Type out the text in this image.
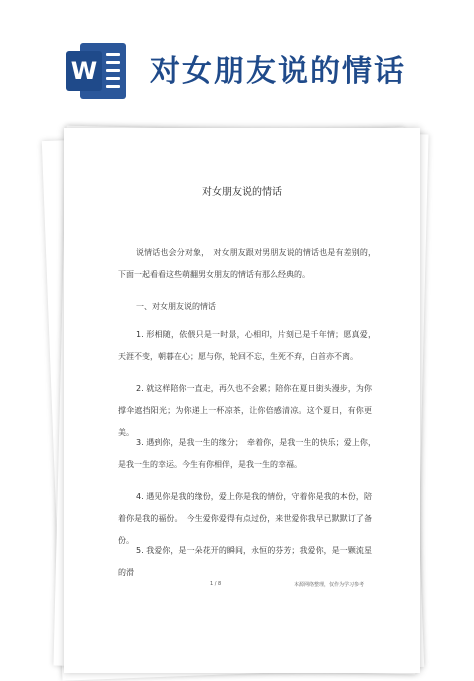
W 对女朋友说的情话
对女朋友说的情话

说情话也会分对象，　对女朋友跟对男朋友说的情话也是有差别的，　下面一起看看这些萌翻男女朋友的情话有那么经典的。

一、对女朋友说的情话

1. 形相随，依偎只是一时景，心相印，片刻已是千年情；愿真爱，　天涯不变，朝暮在心；愿与你，轮回不忘，生死不弃，白首亦不离。

2. 就这样陪你一直走，再久也不会累；陪你在夏日街头漫步，为你撑伞遮挡阳光；为你递上一杯凉茶，让你倍感清凉。这个夏日，有你更美。

3. 遇到你，是我一生的缘分；　牵着你，是我一生的快乐；爱上你，　是我一生的幸运。今生有你相伴，是我一生的幸福。

4. 遇见你是我的缘份，爱上你是我的情份，守着你是我的本份，陪着你是我的福份。　今生爱你爱得有点过份，来世爱你我早已默默订了备份。

5. 我爱你，是一朵花开的瞬间，永恒的芬芳；我爱你，是一颗流星的滑

1 / 8	本源网络整理，仅作为学习参考
